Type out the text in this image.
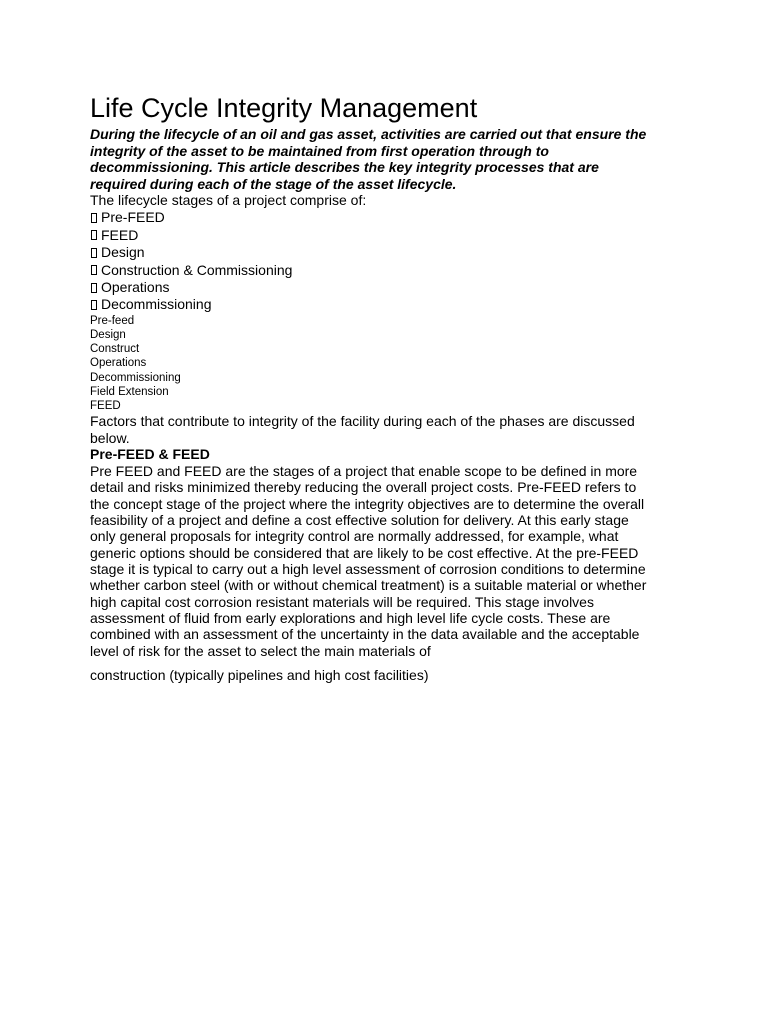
Life Cycle Integrity Management

During the lifecycle of an oil and gas asset, activities are carried out that ensure the integrity of the asset to be maintained from first operation through to decommissioning. This article describes the key integrity processes that are required during each of the stage of the asset lifecycle.

The lifecycle stages of a project comprise of:

Pre-FEED
FEED
Design
Construction & Commissioning
Operations
Decommissioning
Pre-feed
Design
Construct
Operations
Decommissioning
Field Extension
FEED

Factors that contribute to integrity of the facility during each of the phases are discussed below.

Pre-FEED & FEED

Pre FEED and FEED are the stages of a project that enable scope to be defined in more detail and risks minimized thereby reducing the overall project costs. Pre-FEED refers to the concept stage of the project where the integrity objectives are to determine the overall feasibility of a project and define a cost effective solution for delivery. At this early stage only general proposals for integrity control are normally addressed, for example, what generic options should be considered that are likely to be cost effective. At the pre-FEED stage it is typical to carry out a high level assessment of corrosion conditions to determine whether carbon steel (with or without chemical treatment) is a suitable material or whether high capital cost corrosion resistant materials will be required. This stage involves assessment of fluid from early explorations and high level life cycle costs. These are combined with an assessment of the uncertainty in the data available and the acceptable level of risk for the asset to select the main materials of

construction (typically pipelines and high cost facilities)
